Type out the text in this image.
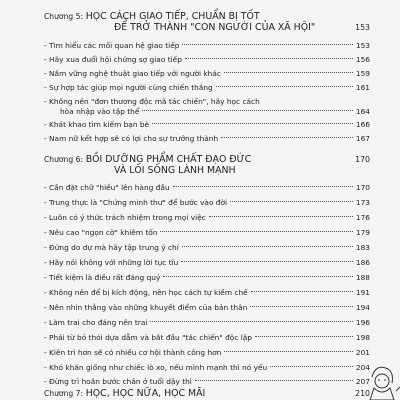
Chương 5: HỌC CÁCH GIAO TIẾP, CHUẨN BỊ TỐT
ĐỂ TRỞ THÀNH "CON NGƯỜI CỦA XÃ HỘI"	153
- Tìm hiểu các mối quan hệ giao tiếp	153
- Hãy xua đuổi hội chứng sợ giao tiếp	156
- Nắm vững nghệ thuật giao tiếp với người khác	159
- Sự hợp tác giúp mọi người cùng chiến thắng	161
- Không nên "đơn thương độc mã tác chiến", hãy học cách
hòa nhập vào tập thể	164
- Khát khao tìm kiếm bạn bè	166
- Nam nữ kết hợp sẽ có lợi cho sự trưởng thành	167
Chương 6: BỒI DƯỠNG PHẨM CHẤT ĐẠO ĐỨC	170
VÀ LỐI SỐNG LÀNH MẠNH
- Cần đặt chữ "hiếu" lên hàng đầu	170
- Trung thực là "Chứng minh thư" để bước vào đời	173
- Luôn có ý thức trách nhiệm trong mọi việc	176
- Nêu cao "ngọn cờ" khiêm tốn	179
- Đừng do dự mà hãy tập trung ý chí	183
- Hãy nói không với những lời tục tĩu	186
- Tiết kiệm là điều rất đáng quý	188
- Không nên để bị kích động, nên học cách tự kiềm chế	191
- Nên nhìn thẳng vào những khuyết điểm của bản thân	194
- Làm trai cho đáng nên trai	196
- Phải từ bỏ thói dựa dẫm và bắt đầu "tác chiến" độc lập	198
- Kiên trì hơn sẽ có nhiều cơ hội thành công hơn	201
- Khó khăn giống như chiếc lò xo, nếu mình mạnh thì nó yếu	204
- Đừng trì hoãn bước chân ở tuổi dậy thì	207
Chương 7: HỌC, HỌC NỮA, HỌC MÃI	210
